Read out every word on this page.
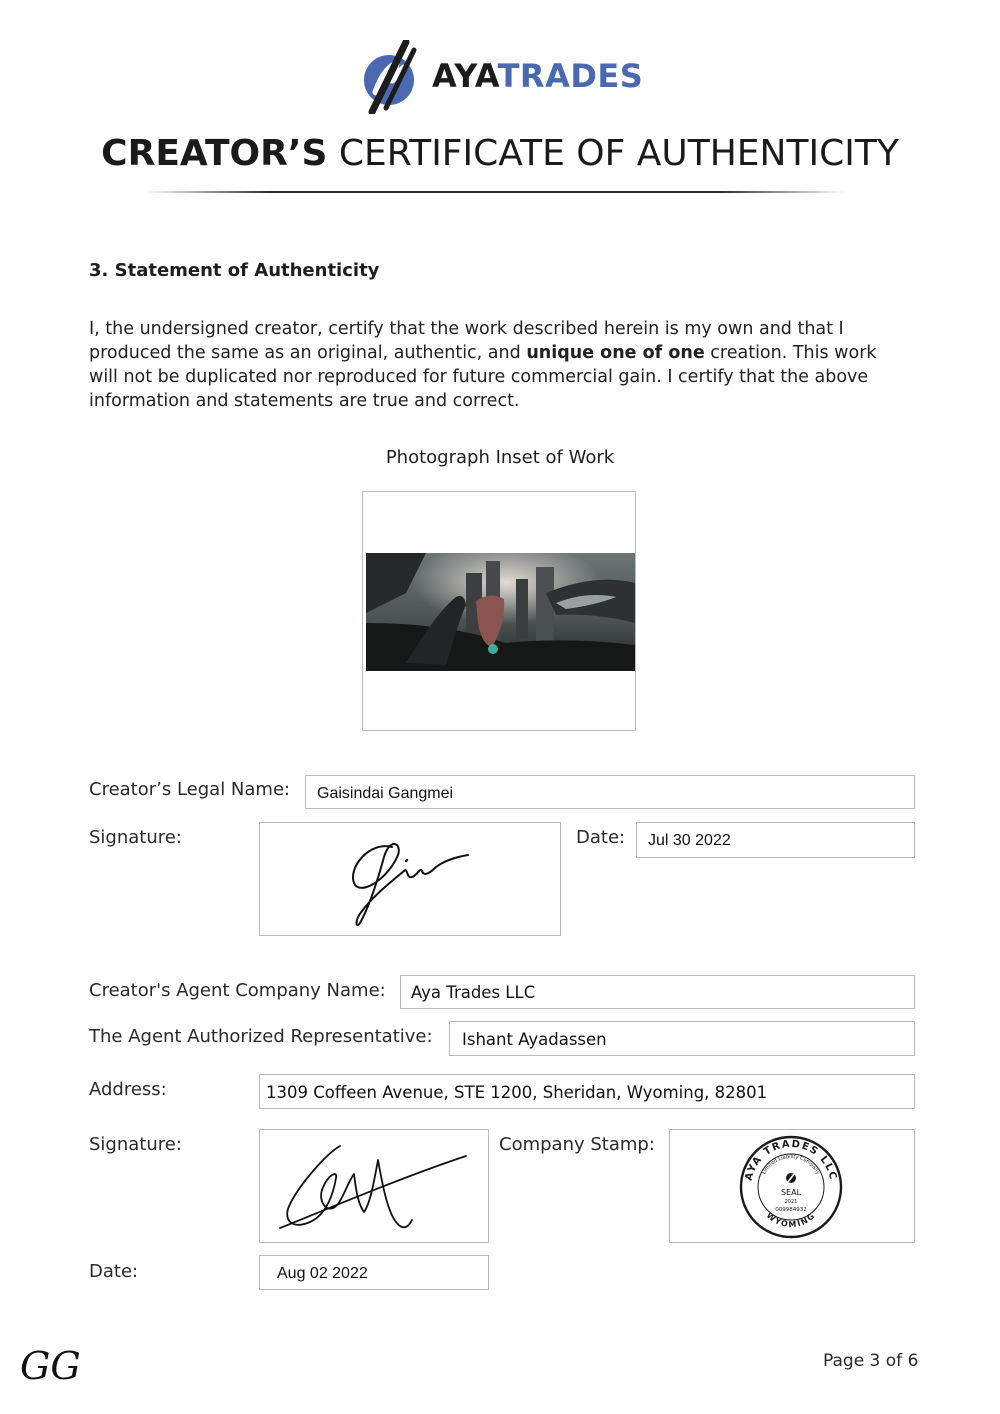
AYATRADES
CREATOR’S CERTIFICATE OF AUTHENTICITY
3. Statement of Authenticity
I, the undersigned creator, certify that the work described herein is my own and that I produced the same as an original, authentic, and unique one of one creation. This work will not be duplicated nor reproduced for future commercial gain. I certify that the above information and statements are true and correct.
Photograph Inset of Work
Creator’s Legal Name: Gaisindai Gangmei
Signature:	Date: Jul 30 2022
Creator's Agent Company Name: Aya Trades LLC
The Agent Authorized Representative: Ishant Ayadassen
Address:	1309 Coffeen Avenue, STE 1200, Sheridan, Wyoming, 82801
Signature:	Company Stamp:
AYA TRADES LLC
WYOMING
Limited Liability Company
SEAL
2021
009984932
Date:	Aug 02 2022
GG	Page 3 of 6
